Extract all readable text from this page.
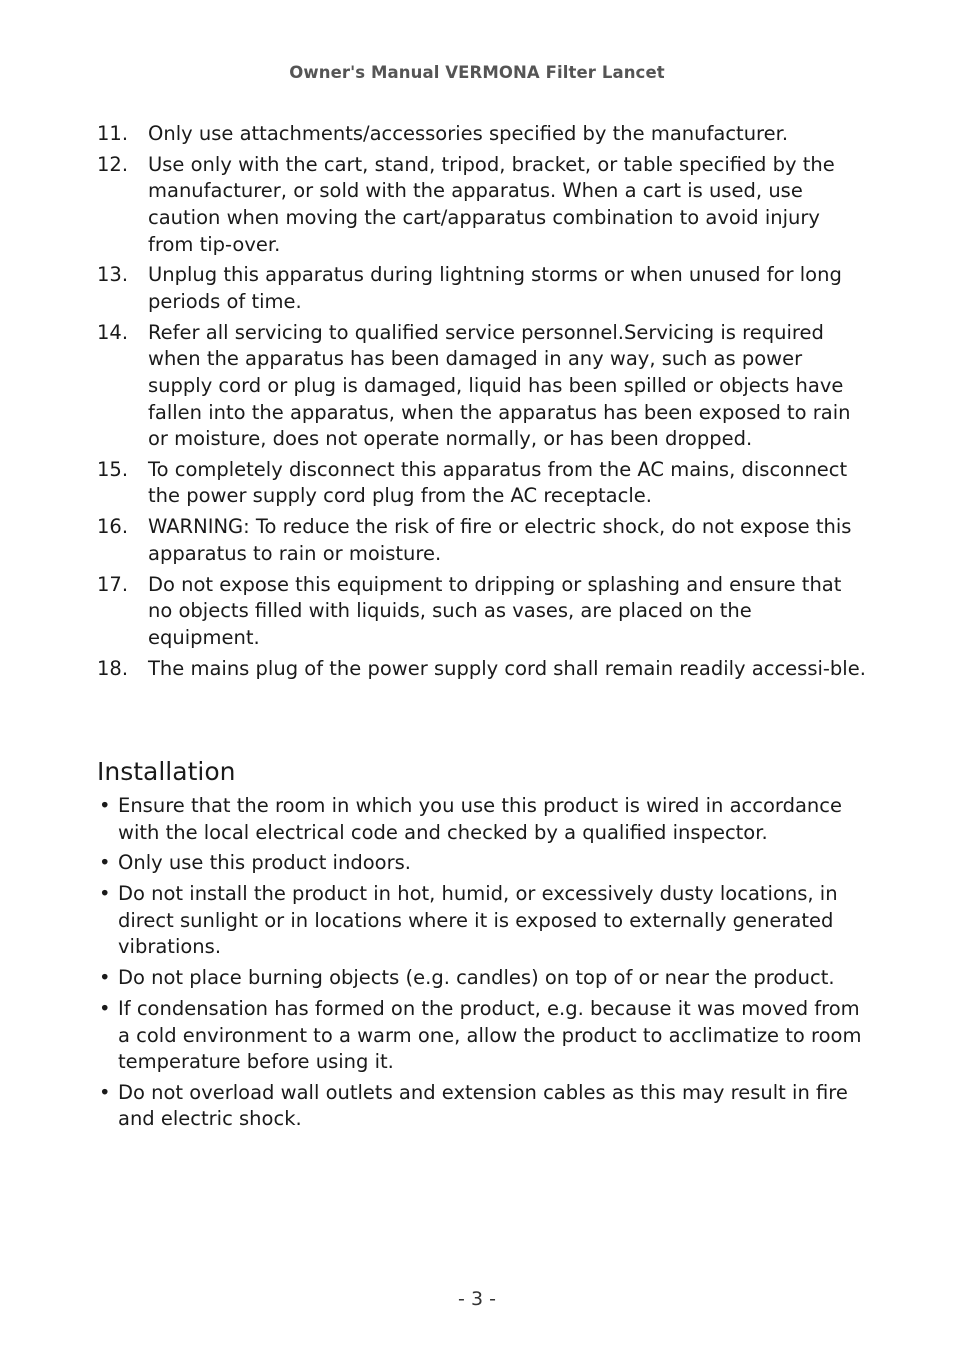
Owner's Manual VERMONA Filter Lancet
11.	Only use attachments/accessories specified by the manufacturer.
12.	Use only with the cart, stand, tripod, bracket, or table specified by the manufacturer, or sold with the apparatus. When a cart is used, use caution when moving the cart/apparatus combination to avoid injury from tip-over.
13.	Unplug this apparatus during lightning storms or when unused for long periods of time.
14.	Refer all servicing to qualified service personnel.Servicing is required when the apparatus has been damaged in any way, such as power supply cord or plug is damaged, liquid has been spilled or objects have fallen into the apparatus, when the apparatus has been exposed to rain or moisture, does not operate normally, or has been dropped.
15.	To completely disconnect this apparatus from the AC mains, disconnect the power supply cord plug from the AC receptacle.
16.	WARNING: To reduce the risk of fire or electric shock, do not expose this apparatus to rain or moisture.
17.	Do not expose this equipment to dripping or splashing and ensure that no objects filled with liquids, such as vases, are placed on the equipment.
18.	The mains plug of the power supply cord shall remain readily accessi-ble.
Installation
• Ensure that the room in which you use this product is wired in accordance with the local electrical code and checked by a qualified inspector.
• Only use this product indoors.
• Do not install the product in hot, humid, or excessively dusty locations, in direct sunlight or in locations where it is exposed to externally generated vibrations.
• Do not place burning objects (e.g. candles) on top of or near the product.
• If condensation has formed on the product, e.g. because it was moved from a cold environment to a warm one, allow the product to acclimatize to room temperature before using it.
• Do not overload wall outlets and extension cables as this may result in fire and electric shock.
- 3 -
